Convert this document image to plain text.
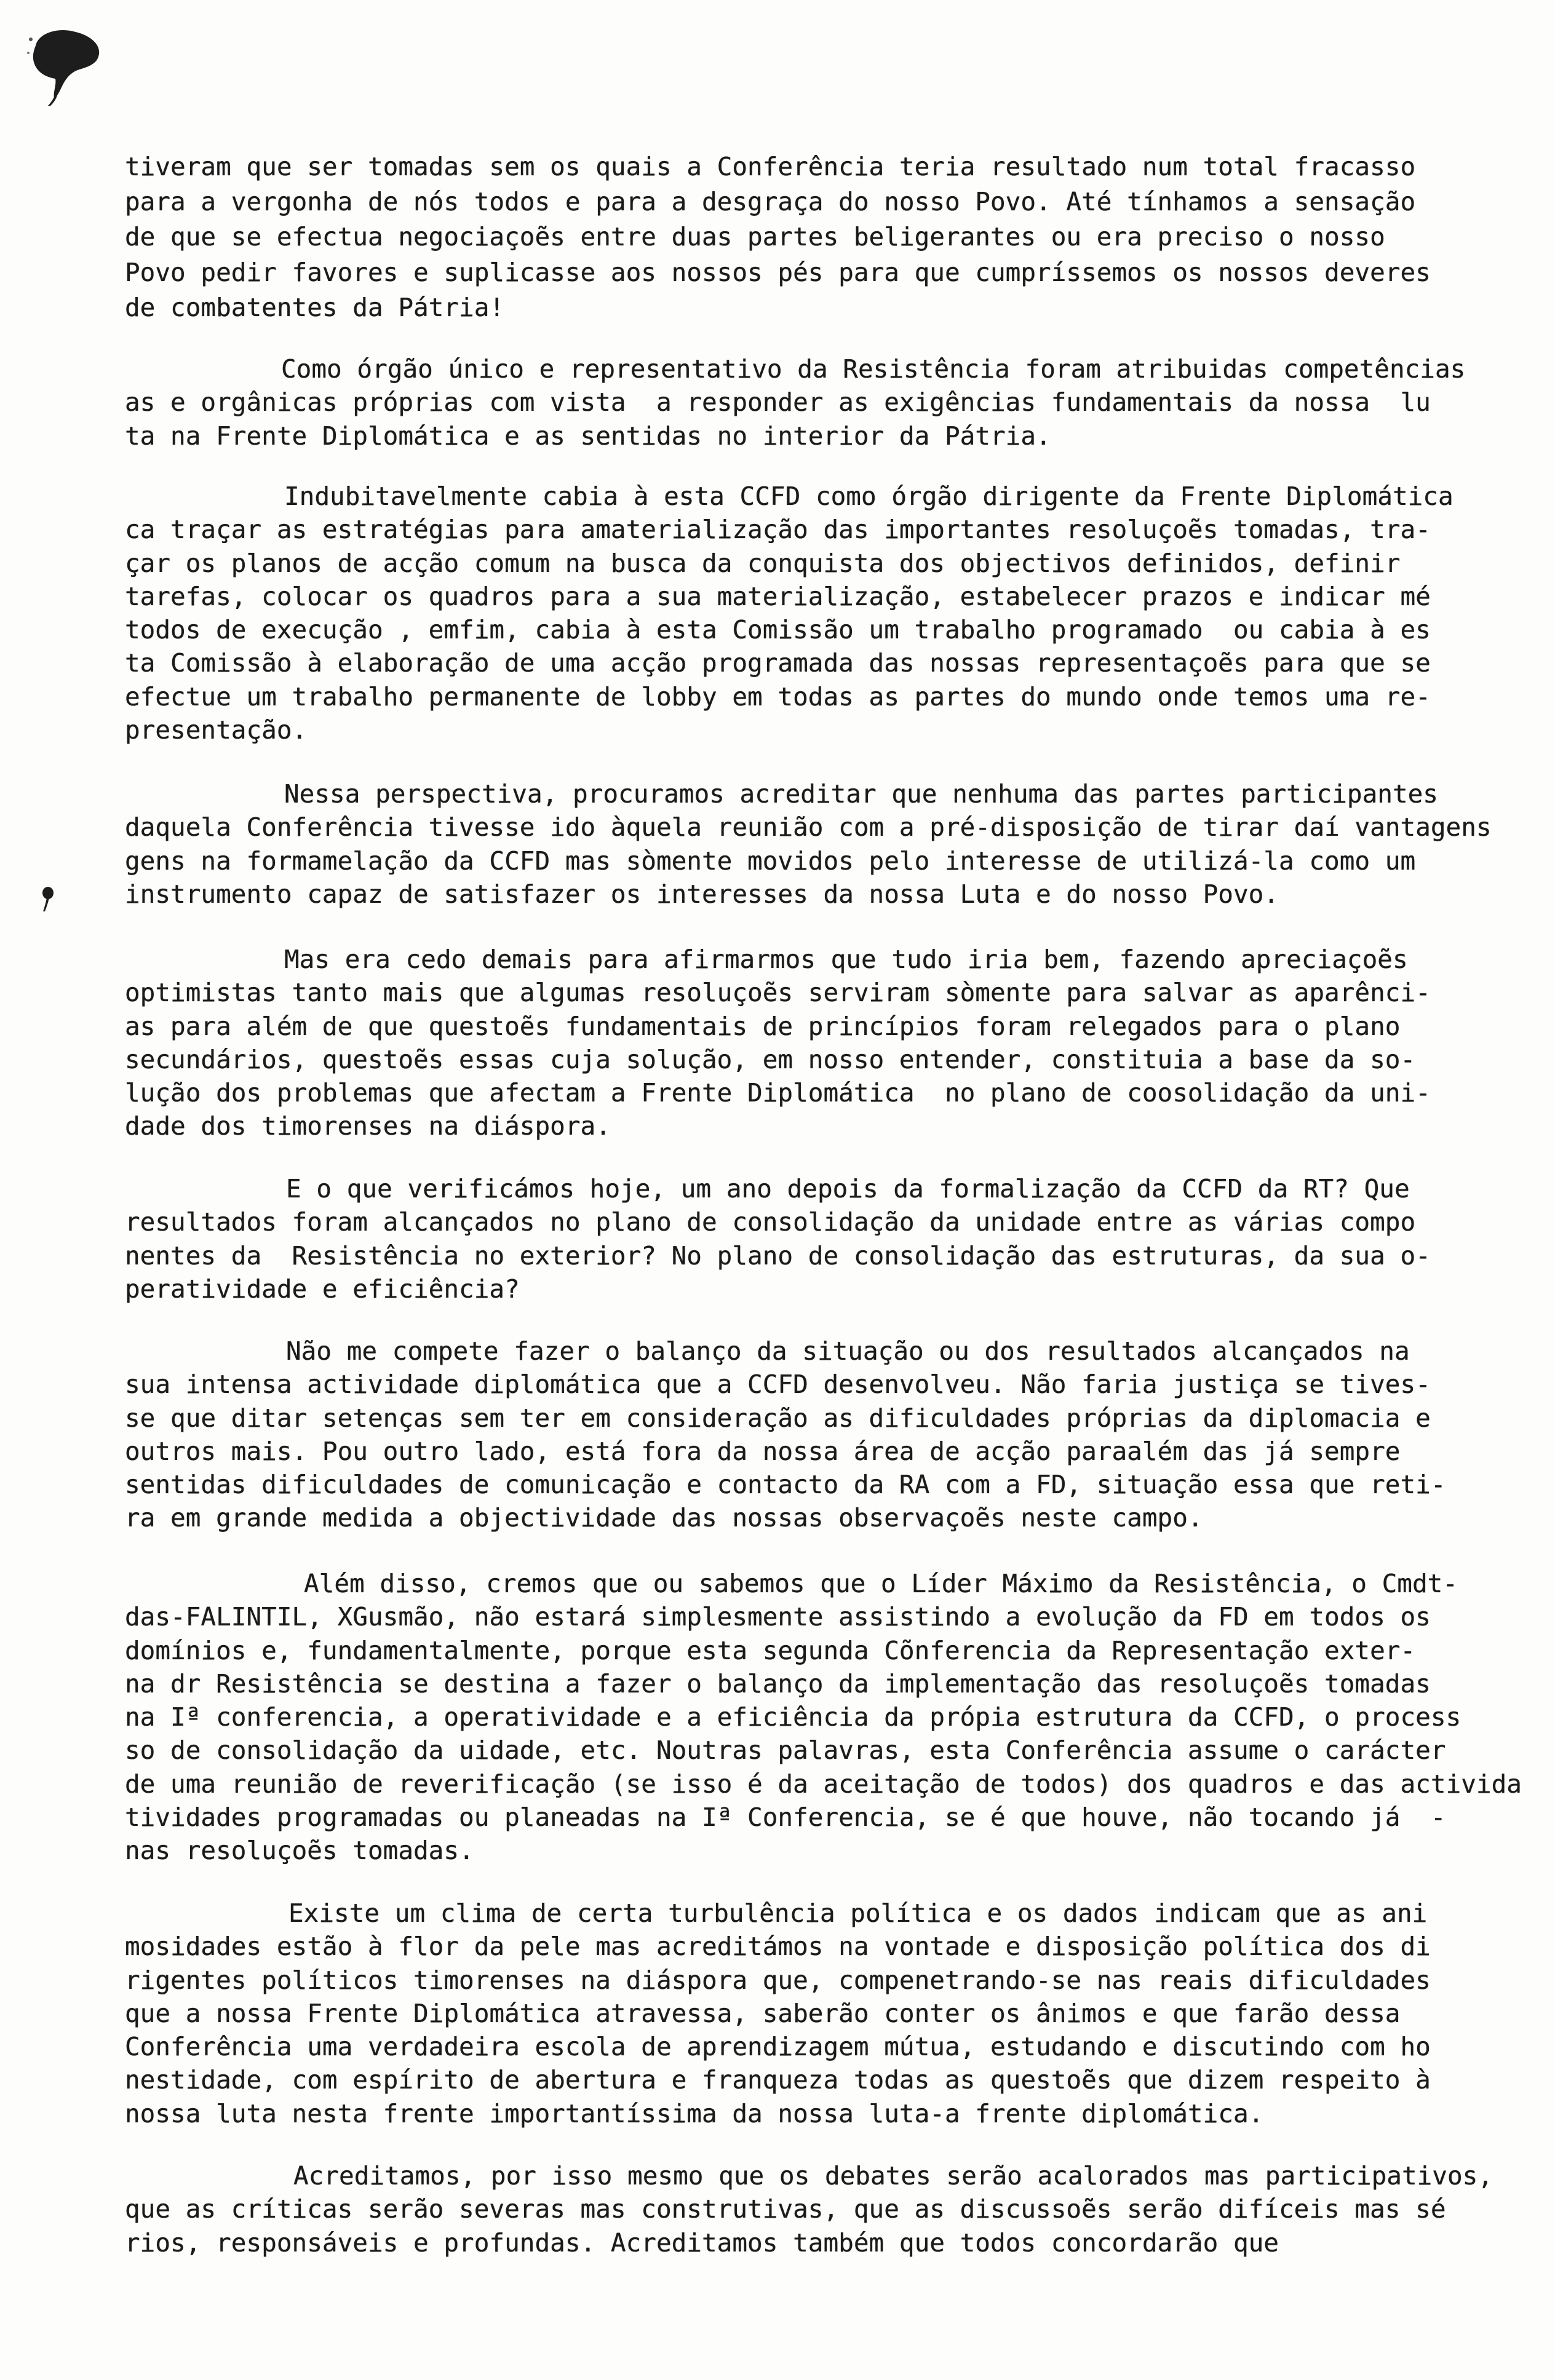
tiveram que ser tomadas sem os quais a Conferência teria resultado num total fracasso
para a vergonha de nós todos e para a desgraça do nosso Povo. Até tínhamos a sensação
de que se efectua negociaçoẽs entre duas partes beligerantes ou era preciso o nosso
Povo pedir favores e suplicasse aos nossos pés para que cumpríssemos os nossos deveres
de combatentes da Pátria!
Como órgão único e representativo da Resistência foram atribuidas competências
as e orgânicas próprias com vista  a responder as exigências fundamentais da nossa  lu
ta na Frente Diplomática e as sentidas no interior da Pátria.
Indubitavelmente cabia à esta CCFD como órgão dirigente da Frente Diplomática
ca traçar as estratégias para amaterialização das importantes resoluçoẽs tomadas, tra-
çar os planos de acção comum na busca da conquista dos objectivos definidos, definir
tarefas, colocar os quadros para a sua materialização, estabelecer prazos e indicar mé
todos de execução , emfim, cabia à esta Comissão um trabalho programado  ou cabia à es
ta Comissão à elaboração de uma acção programada das nossas representaçoẽs para que se
efectue um trabalho permanente de lobby em todas as partes do mundo onde temos uma re-
presentação.
Nessa perspectiva, procuramos acreditar que nenhuma das partes participantes
daquela Conferência tivesse ido àquela reunião com a pré-disposição de tirar daí vantagens
gens na formamelação da CCFD mas sòmente movidos pelo interesse de utilizá-la como um
instrumento capaz de satisfazer os interesses da nossa Luta e do nosso Povo.
Mas era cedo demais para afirmarmos que tudo iria bem, fazendo apreciaçoẽs
optimistas tanto mais que algumas resoluçoẽs serviram sòmente para salvar as aparênci-
as para além de que questoẽs fundamentais de princípios foram relegados para o plano
secundários, questoẽs essas cuja solução, em nosso entender, constituia a base da so-
lução dos problemas que afectam a Frente Diplomática  no plano de coosolidação da uni-
dade dos timorenses na diáspora.
E o que verificámos hoje, um ano depois da formalização da CCFD da RT? Que
resultados foram alcançados no plano de consolidação da unidade entre as várias compo
nentes da  Resistência no exterior? No plano de consolidação das estruturas, da sua o-
peratividade e eficiência?
Não me compete fazer o balanço da situação ou dos resultados alcançados na
sua intensa actividade diplomática que a CCFD desenvolveu. Não faria justiça se tives-
se que ditar setenças sem ter em consideração as dificuldades próprias da diplomacia e
outros mais. Pou outro lado, está fora da nossa área de acção paraalém das já sempre
sentidas dificuldades de comunicação e contacto da RA com a FD, situação essa que reti-
ra em grande medida a objectividade das nossas observaçoẽs neste campo.
Além disso, cremos que ou sabemos que o Líder Máximo da Resistência, o Cmdt-
das-FALINTIL, XGusmão, não estará simplesmente assistindo a evolução da FD em todos os
domínios e, fundamentalmente, porque esta segunda Cõnferencia da Representação exter-
na dr Resistência se destina a fazer o balanço da implementação das resoluçoẽs tomadas
na Iª conferencia, a operatividade e a eficiência da própia estrutura da CCFD, o process
so de consolidação da uidade, etc. Noutras palavras, esta Conferência assume o carácter
de uma reunião de reverificação (se isso é da aceitação de todos) dos quadros e das activida
tividades programadas ou planeadas na Iª Conferencia, se é que houve, não tocando já  -
nas resoluçoẽs tomadas.
Existe um clima de certa turbulência política e os dados indicam que as ani
mosidades estão à flor da pele mas acreditámos na vontade e disposição política dos di
rigentes políticos timorenses na diáspora que, compenetrando-se nas reais dificuldades
que a nossa Frente Diplomática atravessa, saberão conter os ânimos e que farão dessa
Conferência uma verdadeira escola de aprendizagem mútua, estudando e discutindo com ho
nestidade, com espírito de abertura e franqueza todas as questoẽs que dizem respeito à
nossa luta nesta frente importantíssima da nossa luta-a frente diplomática.
Acreditamos, por isso mesmo que os debates serão acalorados mas participativos,
que as críticas serão severas mas construtivas, que as discussoẽs serão difíceis mas sé
rios, responsáveis e profundas. Acreditamos também que todos concordarão que
